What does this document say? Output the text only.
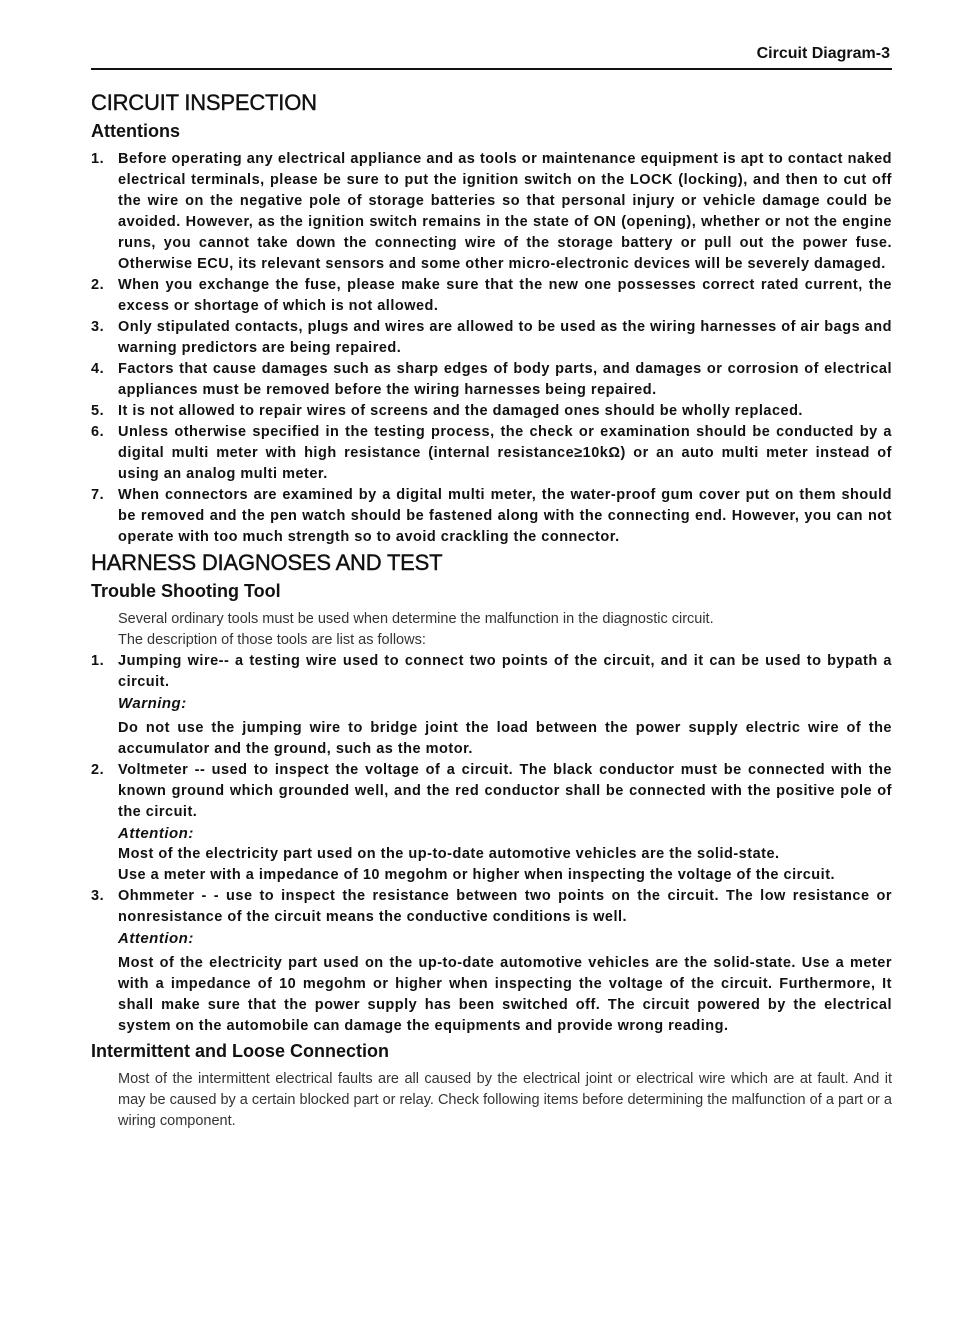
Circuit Diagram-3
CIRCUIT INSPECTION
Attentions
1. Before operating any electrical appliance and as tools or maintenance equipment is apt to contact naked electrical terminals, please be sure to put the ignition switch on the LOCK (locking), and then to cut off the wire on the negative pole of storage batteries so that personal injury or vehicle damage could be avoided. However, as the ignition switch remains in the state of ON (opening), whether or not the engine runs, you cannot take down the connecting wire of the storage battery or pull out the power fuse. Otherwise ECU, its relevant sensors and some other micro-electronic devices will be severely damaged.
2. When you exchange the fuse, please make sure that the new one possesses correct rated current, the excess or shortage of which is not allowed.
3. Only stipulated contacts, plugs and wires are allowed to be used as the wiring harnesses of air bags and warning predictors are being repaired.
4. Factors that cause damages such as sharp edges of body parts, and damages or corrosion of electrical appliances must be removed before the wiring harnesses being repaired.
5. It is not allowed to repair wires of screens and the damaged ones should be wholly replaced.
6. Unless otherwise specified in the testing process, the check or examination should be conducted by a digital multi meter with high resistance (internal resistance≥10kΩ) or an auto multi meter instead of using an analog multi meter.
7. When connectors are examined by a digital multi meter, the water-proof gum cover put on them should be removed and the pen watch should be fastened along with the connecting end. However, you can not operate with too much strength so to avoid crackling the connector.
HARNESS DIAGNOSES AND TEST
Trouble Shooting Tool

Several ordinary tools must be used when determine the malfunction in the diagnostic circuit.

The description of those tools are list as follows:

1. Jumping wire-- a testing wire used to connect two points of the circuit, and it can be used to bypath a circuit.
Warning:
Do not use the jumping wire to bridge joint the load between the power supply electric wire of the accumulator and the ground, such as the motor.
2. Voltmeter -- used to inspect the voltage of a circuit. The black conductor must be connected with the known ground which grounded well, and the red conductor shall be connected with the positive pole of the circuit.
Attention:
Most of the electricity part used on the up-to-date automotive vehicles are the solid-state.
Use a meter with a impedance of 10 megohm or higher when inspecting the voltage of the circuit.
3. Ohmmeter - - use to inspect the resistance between two points on the circuit. The low resistance or nonresistance of the circuit means the conductive conditions is well.
Attention:
Most of the electricity part used on the up-to-date automotive vehicles are the solid-state. Use a meter with a impedance of 10 megohm or higher when inspecting the voltage of the circuit. Furthermore, It shall make sure that the power supply has been switched off. The circuit powered by the electrical system on the automobile can damage the equipments and provide wrong reading.
Intermittent and Loose Connection

Most of the intermittent electrical faults are all caused by the electrical joint or electrical wire which are at fault. And it may be caused by a certain blocked part or relay. Check following items before determining the malfunction of a part or a wiring component.
